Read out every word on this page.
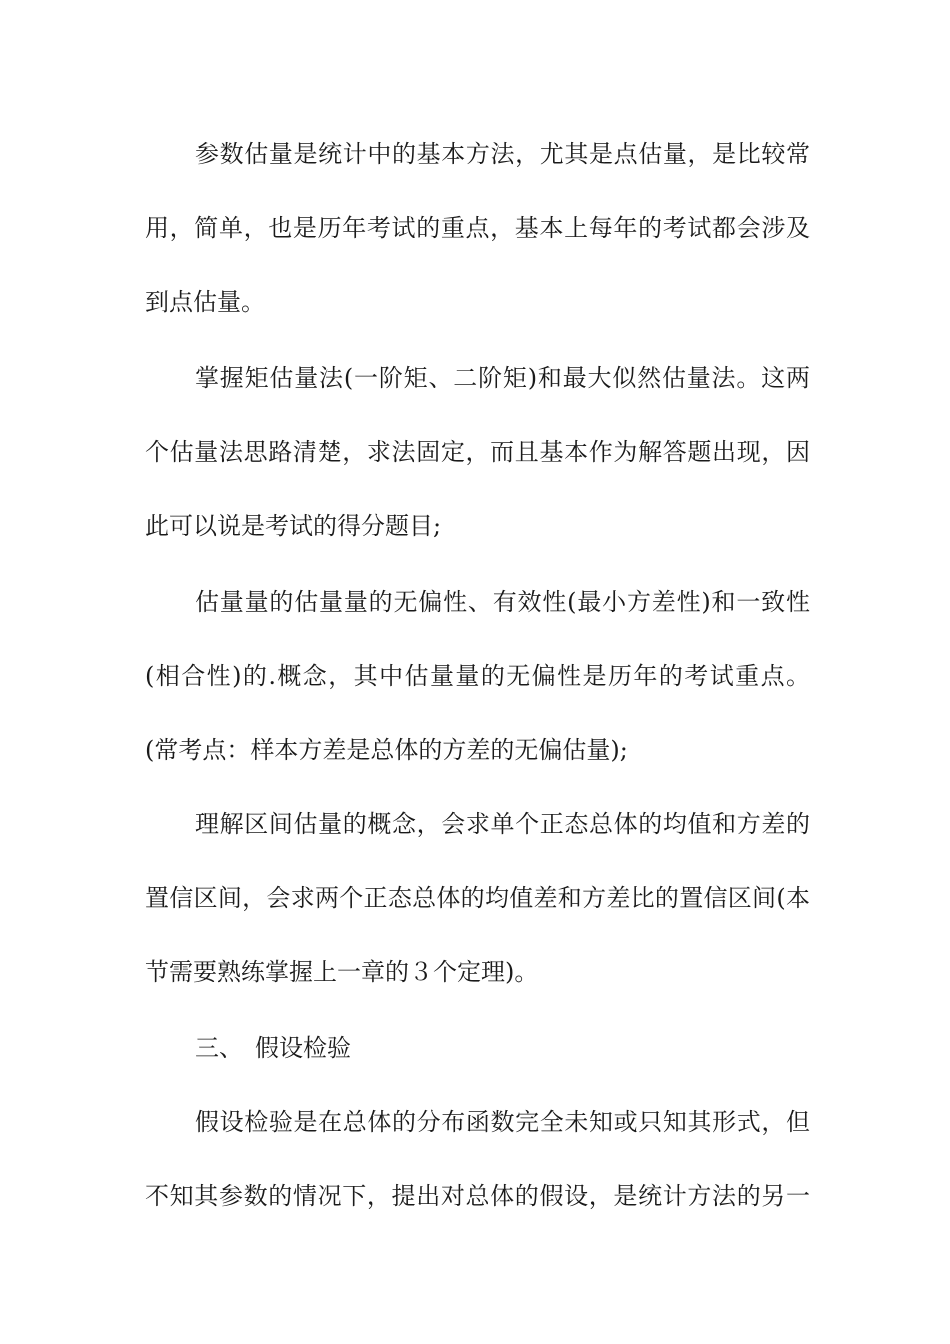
参数估量是统计中的基本方法，尤其是点估量，是比较常
用，简单，也是历年考试的重点，基本上每年的考试都会涉及
到点估量。
掌握矩估量法(一阶矩、二阶矩)和最大似然估量法。这两
个估量法思路清楚，求法固定，而且基本作为解答题出现，因
此可以说是考试的得分题目;
估量量的估量量的无偏性、有效性(最小方差性)和一致性
(相合性)的.概念，其中估量量的无偏性是历年的考试重点。
(常考点：样本方差是总体的方差的无偏估量);
理解区间估量的概念，会求单个正态总体的均值和方差的
置信区间，会求两个正态总体的均值差和方差比的置信区间(本
节需要熟练掌握上一章的３个定理)。
三、　假设检验
假设检验是在总体的分布函数完全未知或只知其形式，但
不知其参数的情况下，提出对总体的假设，是统计方法的另一
